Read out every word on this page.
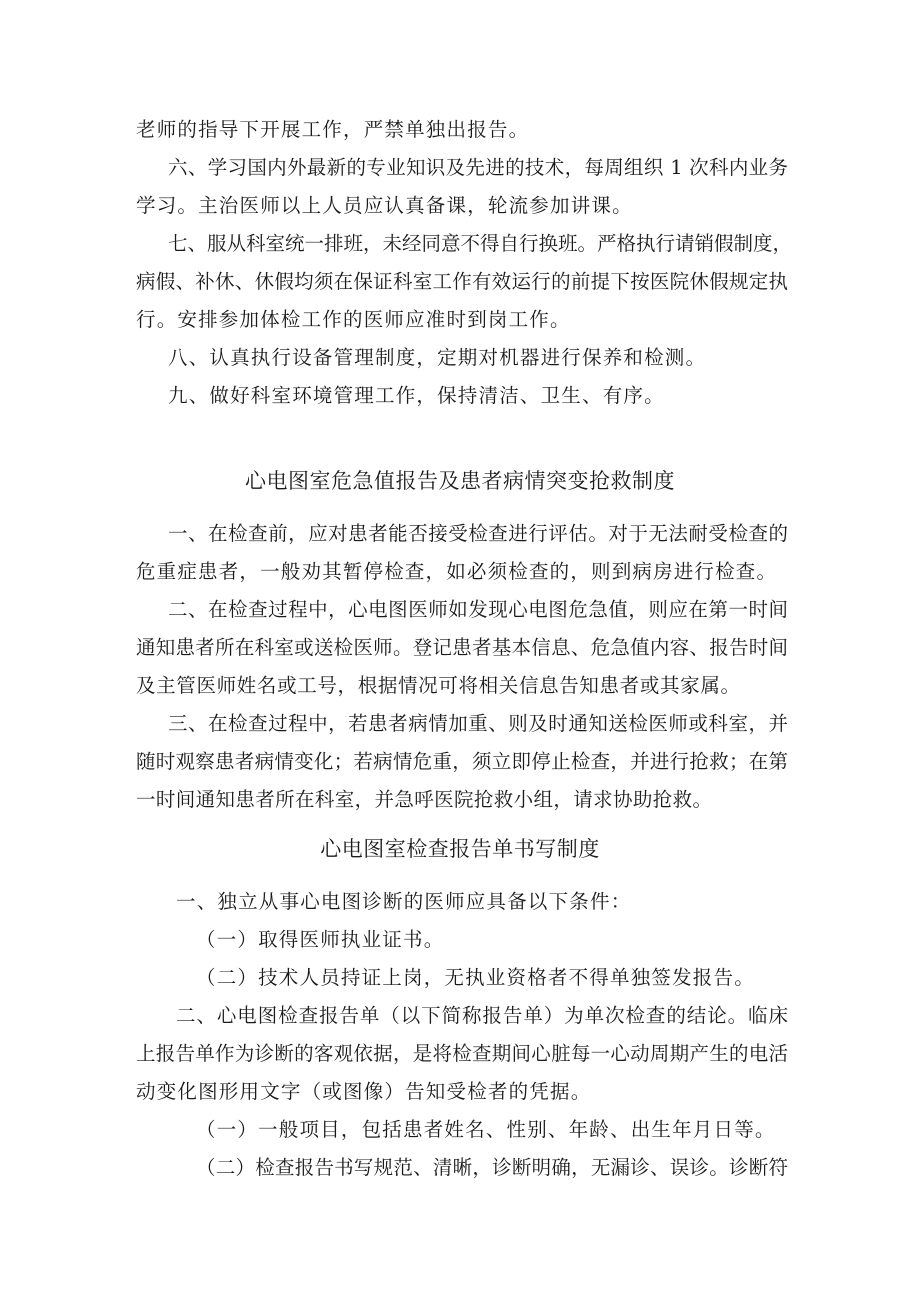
老师的指导下开展工作，严禁单独出报告。
六、学习国内外最新的专业知识及先进的技术，每周组织 1 次科内业务
学习。主治医师以上人员应认真备课，轮流参加讲课。
七、服从科室统一排班，未经同意不得自行换班。严格执行请销假制度，
病假、补休、休假均须在保证科室工作有效运行的前提下按医院休假规定执
行。安排参加体检工作的医师应准时到岗工作。
八、认真执行设备管理制度，定期对机器进行保养和检测。
九、做好科室环境管理工作，保持清洁、卫生、有序。
心电图室危急值报告及患者病情突变抢救制度
一、在检查前，应对患者能否接受检查进行评估。对于无法耐受检查的
危重症患者，一般劝其暂停检查，如必须检查的，则到病房进行检查。
二、在检查过程中，心电图医师如发现心电图危急值，则应在第一时间
通知患者所在科室或送检医师。登记患者基本信息、危急值内容、报告时间
及主管医师姓名或工号，根据情况可将相关信息告知患者或其家属。
三、在检查过程中，若患者病情加重、则及时通知送检医师或科室，并
随时观察患者病情变化；若病情危重，须立即停止检查，并进行抢救；在第
一时间通知患者所在科室，并急呼医院抢救小组，请求协助抢救。
心电图室检查报告单书写制度
一、独立从事心电图诊断的医师应具备以下条件：
（一）取得医师执业证书。
（二）技术人员持证上岗，无执业资格者不得单独签发报告。
二、心电图检查报告单（以下简称报告单）为单次检查的结论。临床
上报告单作为诊断的客观依据，是将检查期间心脏每一心动周期产生的电活
动变化图形用文字（或图像）告知受检者的凭据。
（一）一般项目，包括患者姓名、性别、年龄、出生年月日等。
（二）检查报告书写规范、清晰，诊断明确，无漏诊、误诊。诊断符
